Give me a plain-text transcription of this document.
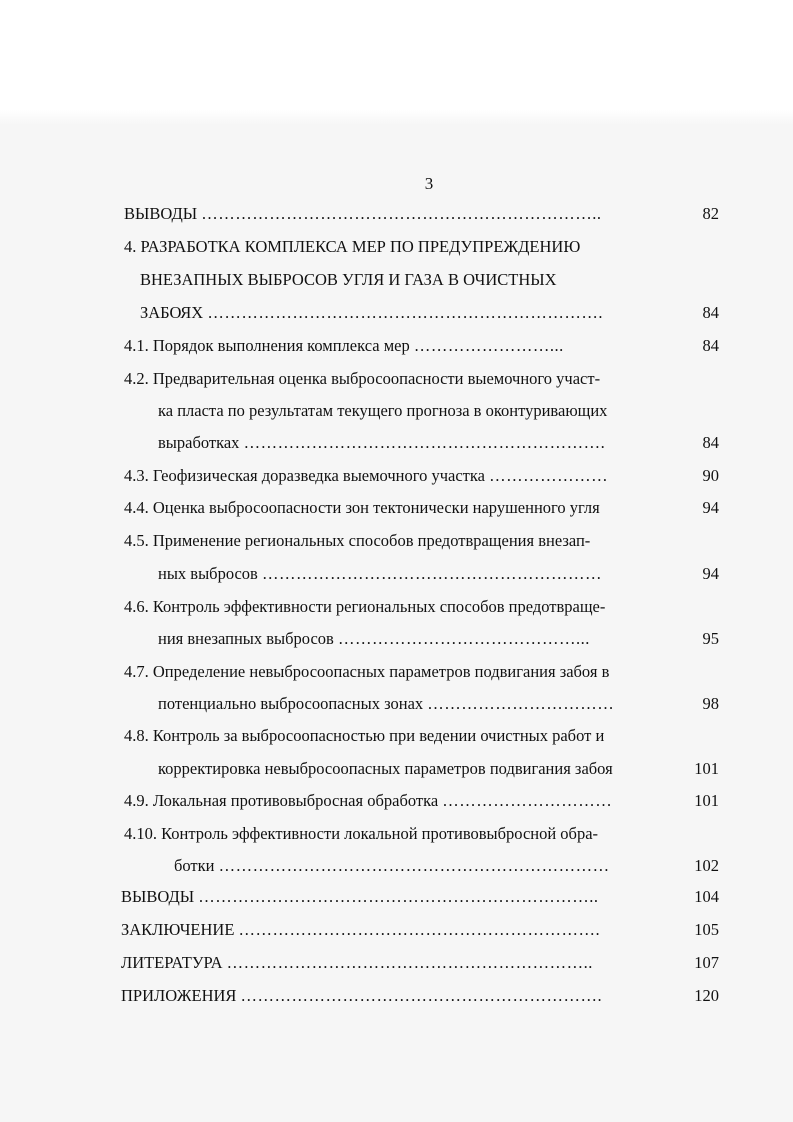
3
ВЫВОДЫ ……………………………………………………………..	82
4. РАЗРАБОТКА КОМПЛЕКСА МЕР ПО ПРЕДУПРЕЖДЕНИЮ
ВНЕЗАПНЫХ ВЫБРОСОВ УГЛЯ И ГАЗА В ОЧИСТНЫХ
ЗАБОЯХ …………………………………………………………….	84
4.1. Порядок выполнения комплекса мер ……………………...	84
4.2. Предварительная оценка выбросоопасности выемочного участ-
ка пласта по результатам текущего прогноза в оконтуривающих
выработках ……………………………………………………….	84
4.3. Геофизическая доразведка выемочного участка …………………	90
4.4. Оценка выбросоопасности зон тектонически нарушенного угля	94
4.5. Применение региональных способов предотвращения внезап-
ных выбросов ……………………………………………………	94
4.6. Контроль эффективности региональных способов предотвраще-
ния внезапных выбросов ……………………………………...	95
4.7. Определение невыбросоопасных параметров подвигания забоя в
потенциально выбросоопасных зонах ……………………………	98
4.8. Контроль за выбросоопасностью при ведении очистных работ и
корректировка невыбросоопасных параметров подвигания забоя	101
4.9. Локальная противовыбросная обработка …………………………	101
4.10. Контроль эффективности локальной противовыбросной обра-
ботки ……………………………………………………………	102
ВЫВОДЫ ……………………………………………………………..	104
ЗАКЛЮЧЕНИЕ ……………………………………………………….	105
ЛИТЕРАТУРА ………………………………………………………..	107
ПРИЛОЖЕНИЯ ……………………………………………………….	120
